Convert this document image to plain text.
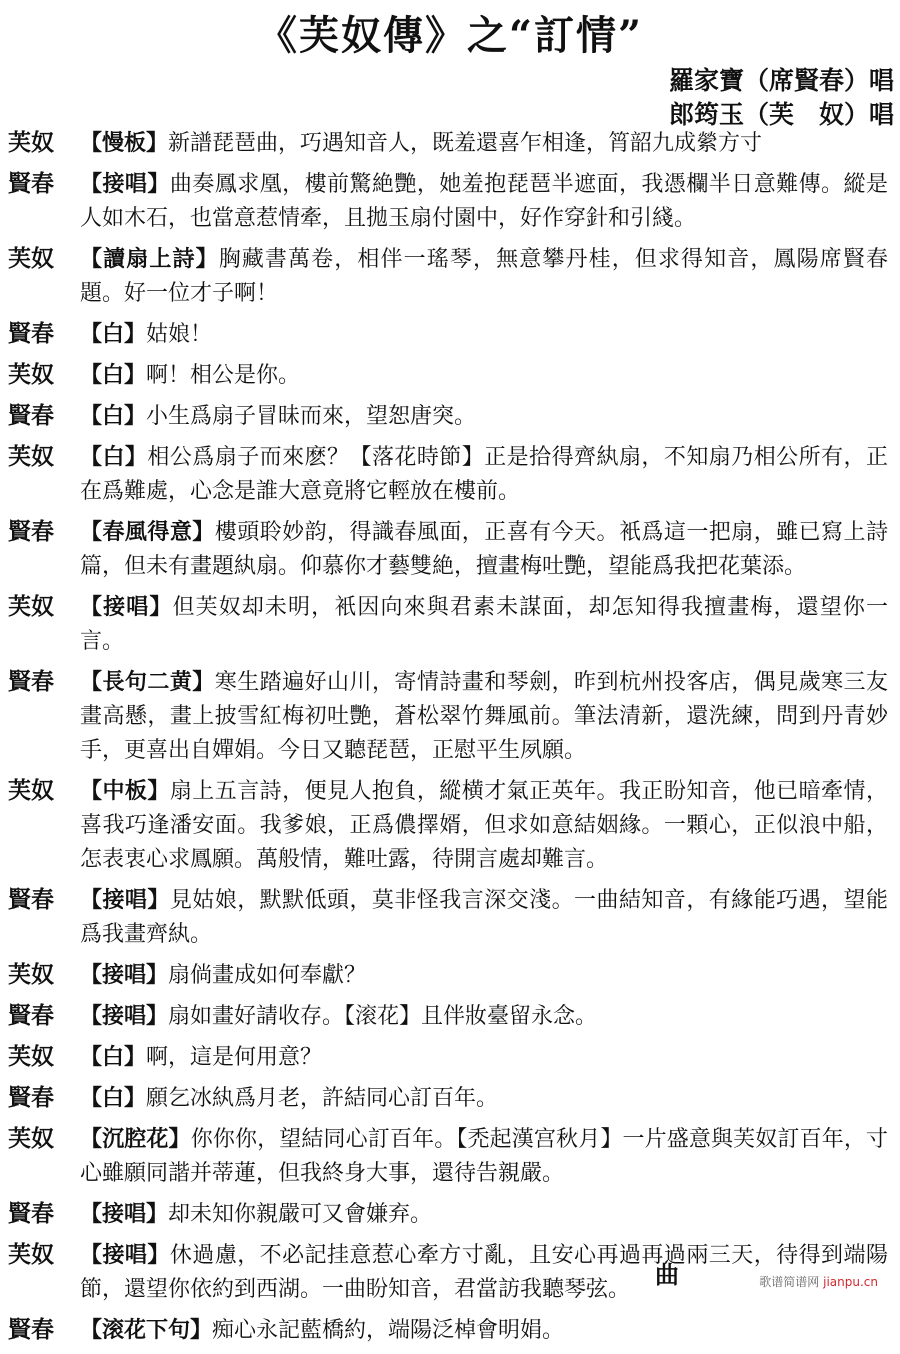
《芙奴傳》之“訂情”
羅家寶（席賢春）唱
郎筠玉（芙　奴）唱
芙奴	【慢板】新譜琵琶曲，巧遇知音人，既羞還喜乍相逢，筲韶九成縈方寸
賢春	【接唱】曲奏鳳求凰，樓前驚絶艷，她羞抱琵琶半遮面，我憑欄半日意難傳。縱是人如木石，也當意惹情牽，且拋玉扇付園中，好作穿針和引綫。
芙奴	【讀扇上詩】胸藏書萬卷，相伴一瑤琴，無意攀丹桂，但求得知音，鳳陽席賢春題。好一位才子啊！
賢春	【白】姑娘！
芙奴	【白】啊！相公是你。
賢春	【白】小生爲扇子冒昧而來，望恕唐突。
芙奴	【白】相公爲扇子而來麽？【落花時節】正是拾得齊紈扇，不知扇乃相公所有，正在爲難處，心念是誰大意竟將它輕放在樓前。
賢春	【春風得意】樓頭聆妙韵，得識春風面，正喜有今天。衹爲這一把扇，雖已寫上詩篇，但未有畫題紈扇。仰慕你才藝雙絶，擅畫梅吐艷，望能爲我把花葉添。
芙奴	【接唱】但芙奴却未明，衹因向來與君素未謀面，却怎知得我擅畫梅，還望你一言。
賢春	【長句二黄】寒生踏遍好山川，寄情詩畫和琴劍，昨到杭州投客店，偶見歲寒三友畫高懸，畫上披雪紅梅初吐艷，蒼松翠竹舞風前。筆法清新，還洗練，問到丹青妙手，更喜出自嬋娟。今日又聽琵琶，正慰平生夙願。
芙奴	【中板】扇上五言詩，便見人抱負，縱横才氣正英年。我正盼知音，他已暗牽情，喜我巧逢潘安面。我爹娘，正爲儂擇婿，但求如意結姻緣。一顆心，正似浪中船，怎表衷心求鳳願。萬般情，難吐露，待開言處却難言。
賢春	【接唱】見姑娘，默默低頭，莫非怪我言深交淺。一曲結知音，有緣能巧遇，望能爲我畫齊紈。
芙奴	【接唱】扇倘畫成如何奉獻？
賢春	【接唱】扇如畫好請收存。【滚花】且伴妝臺留永念。
芙奴	【白】啊，這是何用意？
賢春	【白】願乞冰紈爲月老，許結同心訂百年。
芙奴	【沉腔花】你你你，望結同心訂百年。【禿起漢宫秋月】一片盛意與芙奴訂百年，寸心雖願同諧并蒂蓮，但我終身大事，還待告親嚴。
賢春	【接唱】却未知你親嚴可又會嫌弃。
芙奴	【接唱】休過慮，不必記挂意惹心牽方寸亂，且安心再過再過兩三天，待得到端陽節，還望你依約到西湖。一曲盼知音，君當訪我聽琴弦。
賢春	【滚花下句】痴心永記藍橋約，端陽泛棹會明娟。
曲	歌谱简谱网 jianpu.cn
